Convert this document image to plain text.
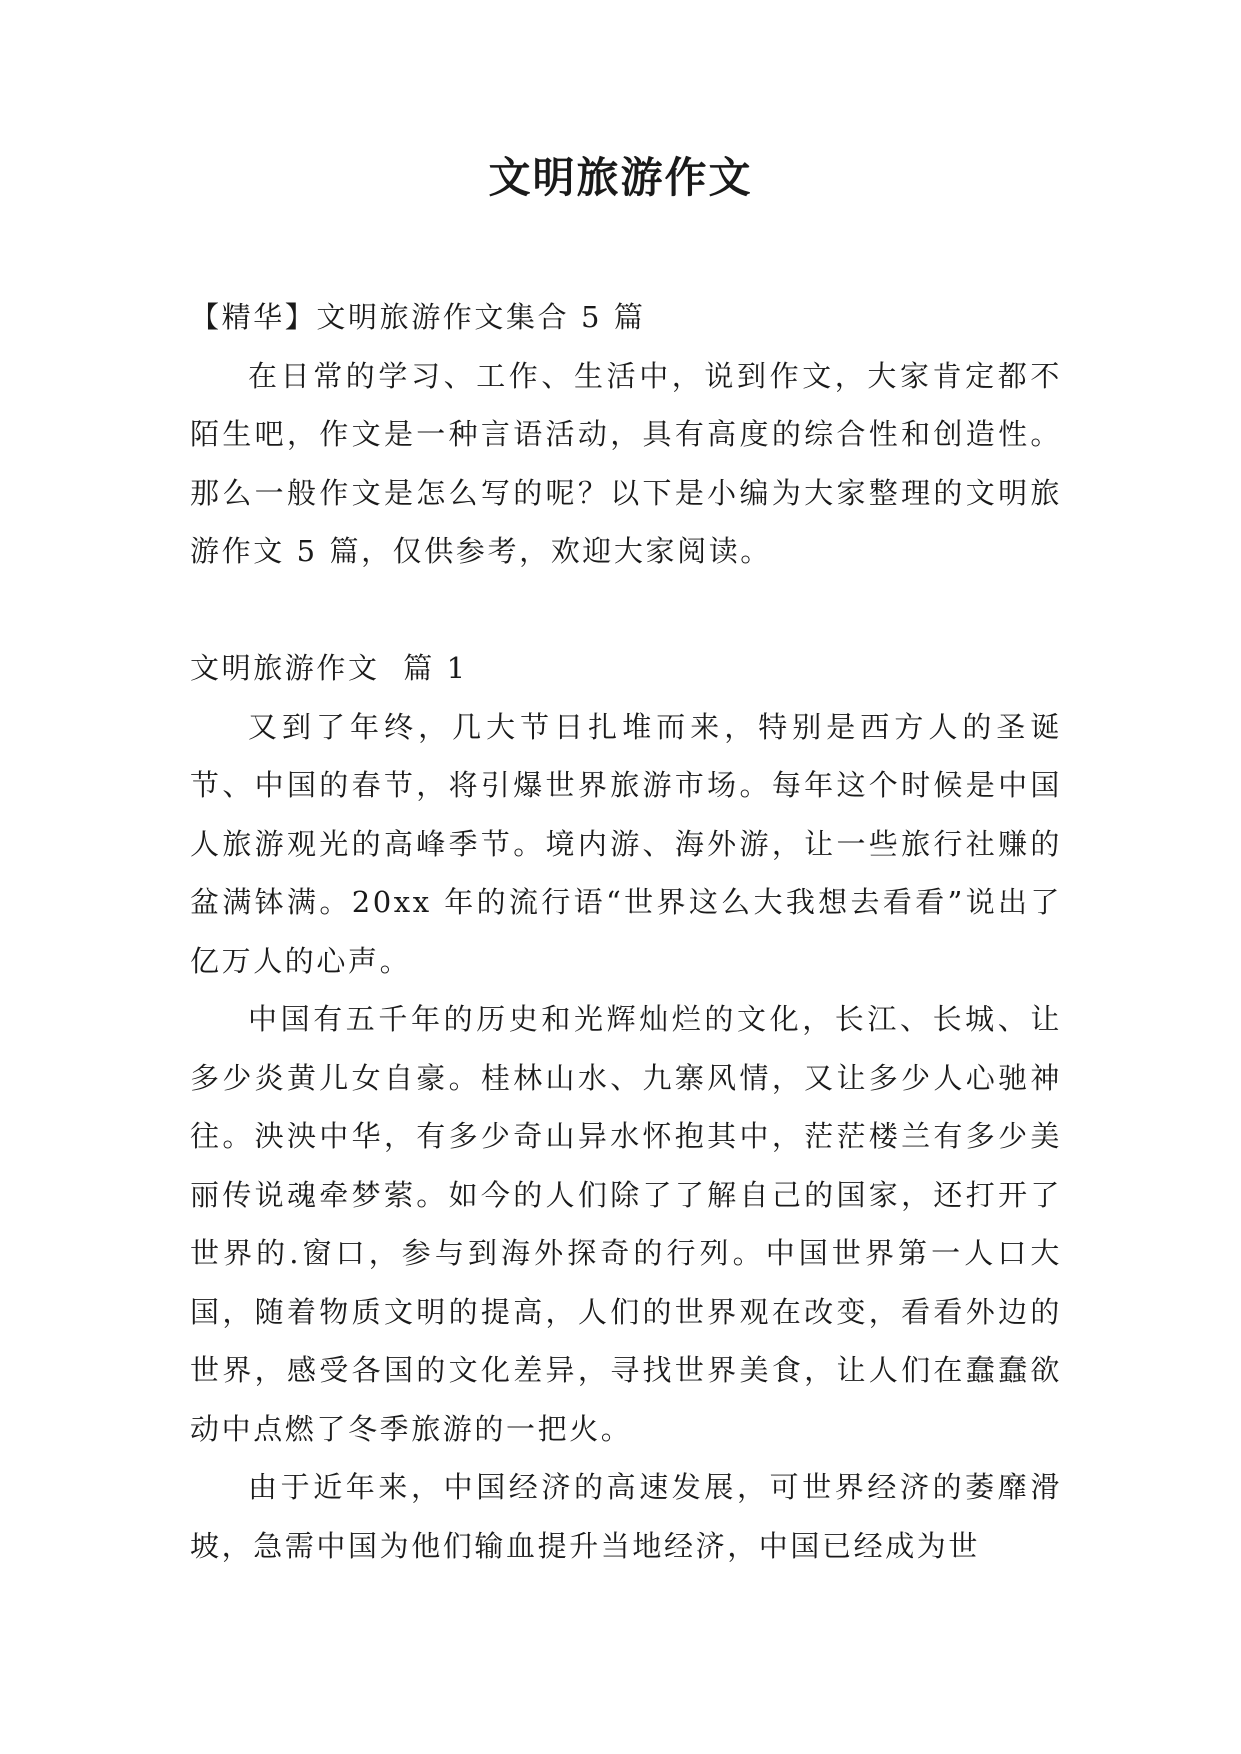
文明旅游作文

【精华】文明旅游作文集合 5 篇

在日常的学习、工作、生活中，说到作文，大家肯定都不陌生吧，作文是一种言语活动，具有高度的综合性和创造性。那么一般作文是怎么写的呢？以下是小编为大家整理的文明旅游作文 5 篇，仅供参考，欢迎大家阅读。

文明旅游作文  篇 1

又到了年终，几大节日扎堆而来，特别是西方人的圣诞节、中国的春节，将引爆世界旅游市场。每年这个时候是中国人旅游观光的高峰季节。境内游、海外游，让一些旅行社赚的盆满钵满。20xx 年的流行语“世界这么大我想去看看”说出了亿万人的心声。

中国有五千年的历史和光辉灿烂的文化，长江、长城、让多少炎黄儿女自豪。桂林山水、九寨风情，又让多少人心驰神往。泱泱中华，有多少奇山异水怀抱其中，茫茫楼兰有多少美丽传说魂牵梦萦。如今的人们除了了解自己的国家，还打开了世界的.窗口，参与到海外探奇的行列。中国世界第一人口大国，随着物质文明的提高，人们的世界观在改变，看看外边的世界，感受各国的文化差异，寻找世界美食，让人们在蠢蠢欲动中点燃了冬季旅游的一把火。

由于近年来，中国经济的高速发展，可世界经济的萎靡滑坡，急需中国为他们输血提升当地经济，中国已经成为世
